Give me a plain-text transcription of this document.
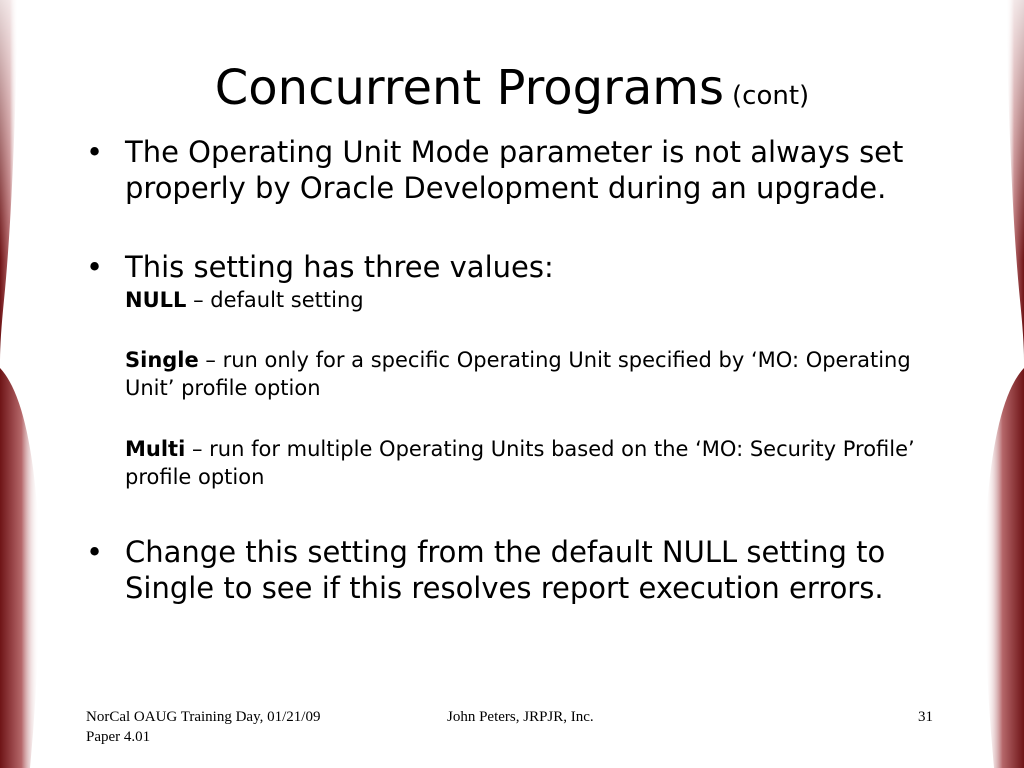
Concurrent Programs (cont)
• The Operating Unit Mode parameter is not always set properly by Oracle Development during an upgrade.
• This setting has three values:
NULL – default setting
Single – run only for a specific Operating Unit specified by ‘MO: Operating Unit’ profile option
Multi – run for multiple Operating Units based on the ‘MO: Security Profile’ profile option
• Change this setting from the default NULL setting to Single to see if this resolves report execution errors.
NorCal OAUG Training Day, 01/21/09
Paper 4.01
John Peters, JRPJR, Inc.	31
